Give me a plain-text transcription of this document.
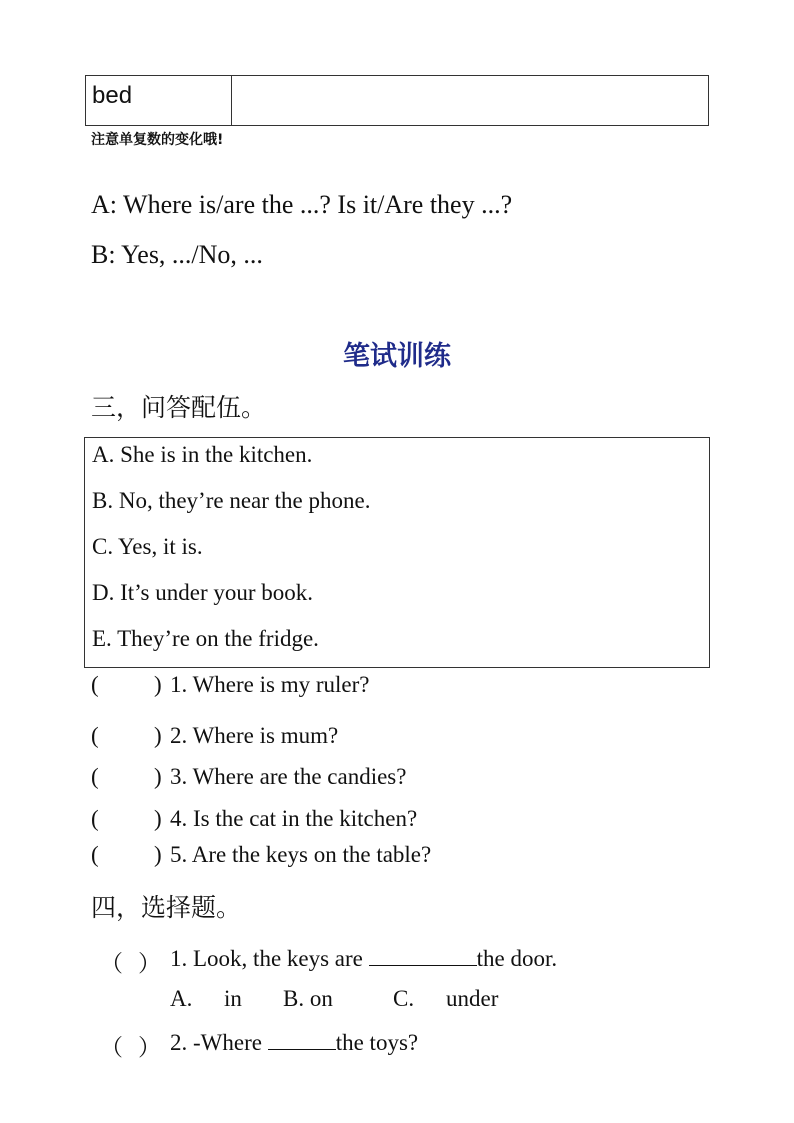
bed
注意单复数的变化哦!
A: Where is/are the ...? Is it/Are they ...?
B: Yes, .../No, ...
笔试训练
三，问答配伍。
A. She is in the kitchen.
B. No, they’re near the phone.
C. Yes, it is.
D. It’s under your book.
E. They’re on the fridge.
( ) 1. Where is my ruler?
( ) 2. Where is mum?
( ) 3. Where are the candies?
( ) 4. Is the cat in the kitchen?
( ) 5. Are the keys on the table?
四，选择题。
（ ） 1. Look, the keys are	the door.
A. in B. on	C. under
（ ） 2. -Where	the toys?
